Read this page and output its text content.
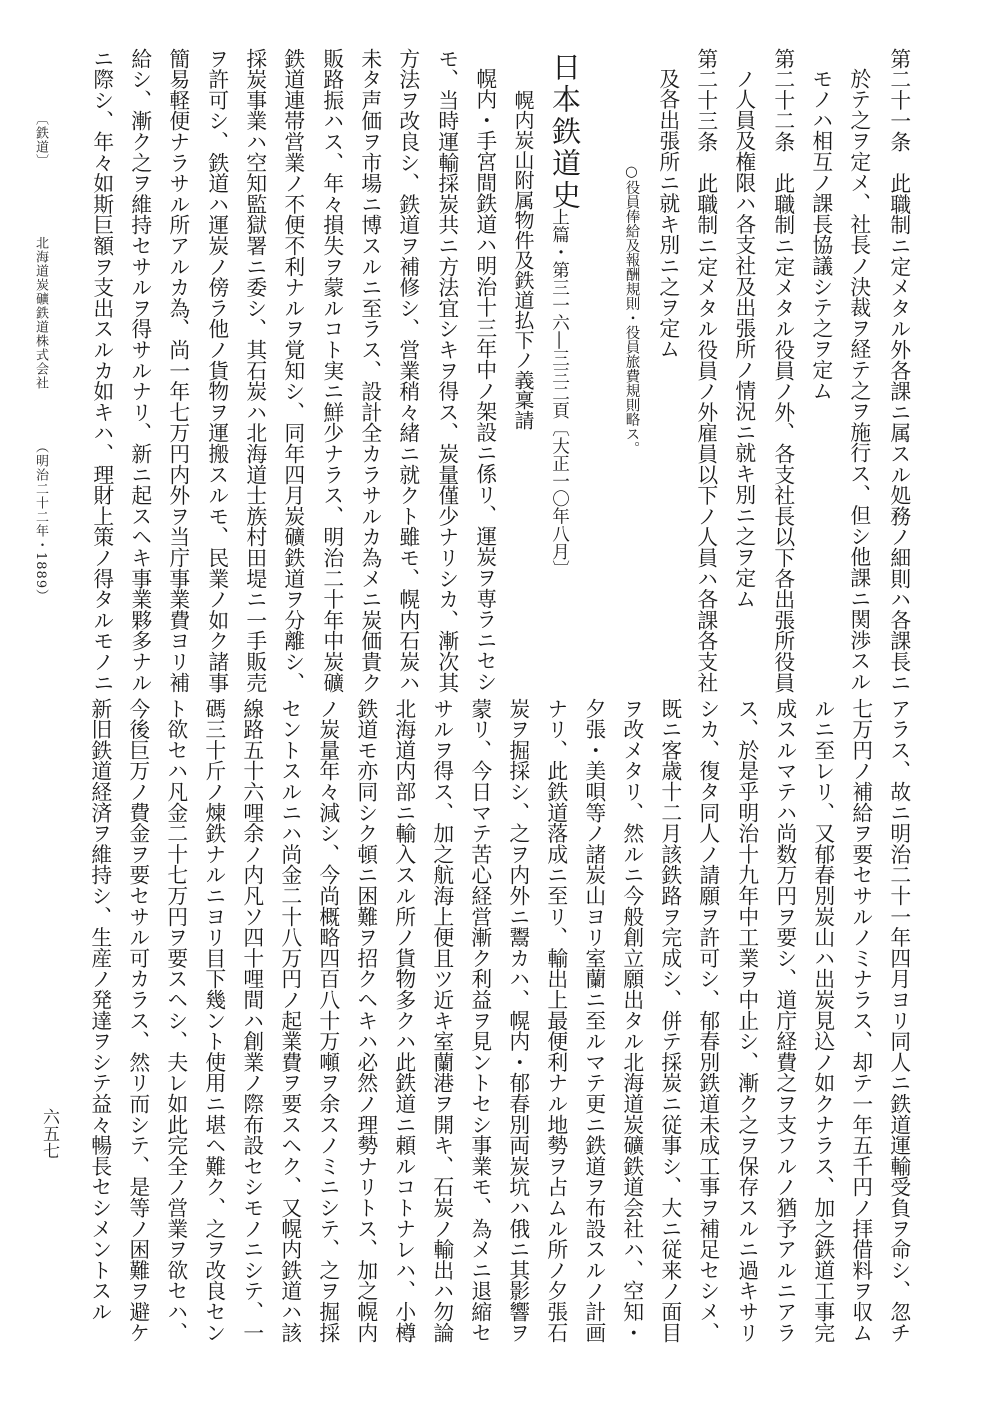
第二十一条　此職制ニ定メタル外各課ニ属スル処務ノ細則ハ各課長ニ
於テ之ヲ定メ、社長ノ決裁ヲ経テ之ヲ施行ス、但シ他課ニ関渉スル
モノハ相互ノ課長協議シテ之ヲ定ム
第二十二条　此職制ニ定メタル役員ノ外、各支社長以下各出張所役員
ノ人員及権限ハ各支社及出張所ノ情況ニ就キ別ニ之ヲ定ム
第二十三条　此職制ニ定メタル役員ノ外雇員以下ノ人員ハ各課各支社
及各出張所ニ就キ別ニ之ヲ定ム
○役員俸給及報酬規則・役員旅費規則略ス。
日本鉄道史
上篇・第三一六―三三二頁〔大正一〇年八月〕
幌内炭山附属物件及鉄道払下ノ義稟請
幌内・手宮間鉄道ハ明治十三年中ノ架設ニ係リ、運炭ヲ専ラニセシ
モ、当時運輸採炭共ニ方法宜シキヲ得ス、炭量僅少ナリシカ、漸次其
方法ヲ改良シ、鉄道ヲ補修シ、営業稍々緒ニ就クト雖モ、幌内石炭ハ
未タ声価ヲ市場ニ博スルニ至ラス、設計全カラサルカ為メニ炭価貴ク
販路振ハス、年々損失ヲ蒙ルコト実ニ鮮少ナラス、明治二十年中炭礦
鉄道連帯営業ノ不便不利ナルヲ覚知シ、同年四月炭礦鉄道ヲ分離シ、
採炭事業ハ空知監獄署ニ委シ、其石炭ハ北海道士族村田堤ニ一手販売
ヲ許可シ、鉄道ハ運炭ノ傍ラ他ノ貨物ヲ運搬スルモ、民業ノ如ク諸事
簡易軽便ナラサル所アルカ為、尚一年七万円内外ヲ当庁事業費ヨリ補
給シ、漸ク之ヲ維持セサルヲ得サルナリ、新ニ起スヘキ事業夥多ナル
ニ際シ、年々如斯巨額ヲ支出スルカ如キハ、理財上策ノ得タルモノニ
〔鉄道〕
北海道炭礦鉄道株式会社
（明治二十二年・1889）
アラス、故ニ明治二十一年四月ヨリ同人ニ鉄道運輸受負ヲ命シ、忽チ
七万円ノ補給ヲ要セサルノミナラス、却テ一年五千円ノ拝借料ヲ収ム
ルニ至レリ、又郁春別炭山ハ出炭見込ノ如クナラス、加之鉄道工事完
成スルマテハ尚数万円ヲ要シ、道庁経費之ヲ支フルノ猶予アルニアラ
ス、於是乎明治十九年中工業ヲ中止シ、漸ク之ヲ保存スルニ過キサリ
シカ、復タ同人ノ請願ヲ許可シ、郁春別鉄道未成工事ヲ補足セシメ、
既ニ客歳十二月該鉄路ヲ完成シ、併テ採炭ニ従事シ、大ニ従来ノ面目
ヲ改メタリ、然ルニ今般創立願出タル北海道炭礦鉄道会社ハ、空知・
夕張・美唄等ノ諸炭山ヨリ室蘭ニ至ルマテ更ニ鉄道ヲ布設スルノ計画
ナリ、此鉄道落成ニ至リ、輸出上最便利ナル地勢ヲ占ムル所ノ夕張石
炭ヲ掘採シ、之ヲ内外ニ鬻カハ、幌内・郁春別両炭坑ハ俄ニ其影響ヲ
蒙リ、今日マテ苦心経営漸ク利益ヲ見ントセシ事業モ、為メニ退縮セ
サルヲ得ス、加之航海上便且ツ近キ室蘭港ヲ開キ、石炭ノ輸出ハ勿論
北海道内部ニ輸入スル所ノ貨物多クハ此鉄道ニ頼ルコトナレハ、小樽
鉄道モ亦同シク頓ニ困難ヲ招クヘキハ必然ノ理勢ナリトス、加之幌内
ノ炭量年々減シ、今尚概略四百八十万噸ヲ余スノミニシテ、之ヲ掘採
セントスルニハ尚金二十八万円ノ起業費ヲ要スヘク、又幌内鉄道ハ該
線路五十六哩余ノ内凡ソ四十哩間ハ創業ノ際布設セシモノニシテ、一
碼三十斤ノ煉鉄ナルニヨリ目下幾ント使用ニ堪ヘ難ク、之ヲ改良セン
ト欲セハ凡金二十七万円ヲ要スヘシ、夫レ如此完全ノ営業ヲ欲セハ、
今後巨万ノ費金ヲ要セサル可カラス、然リ而シテ、是等ノ困難ヲ避ケ
新旧鉄道経済ヲ維持シ、生産ノ発達ヲシテ益々暢長セシメントスル
六五七
